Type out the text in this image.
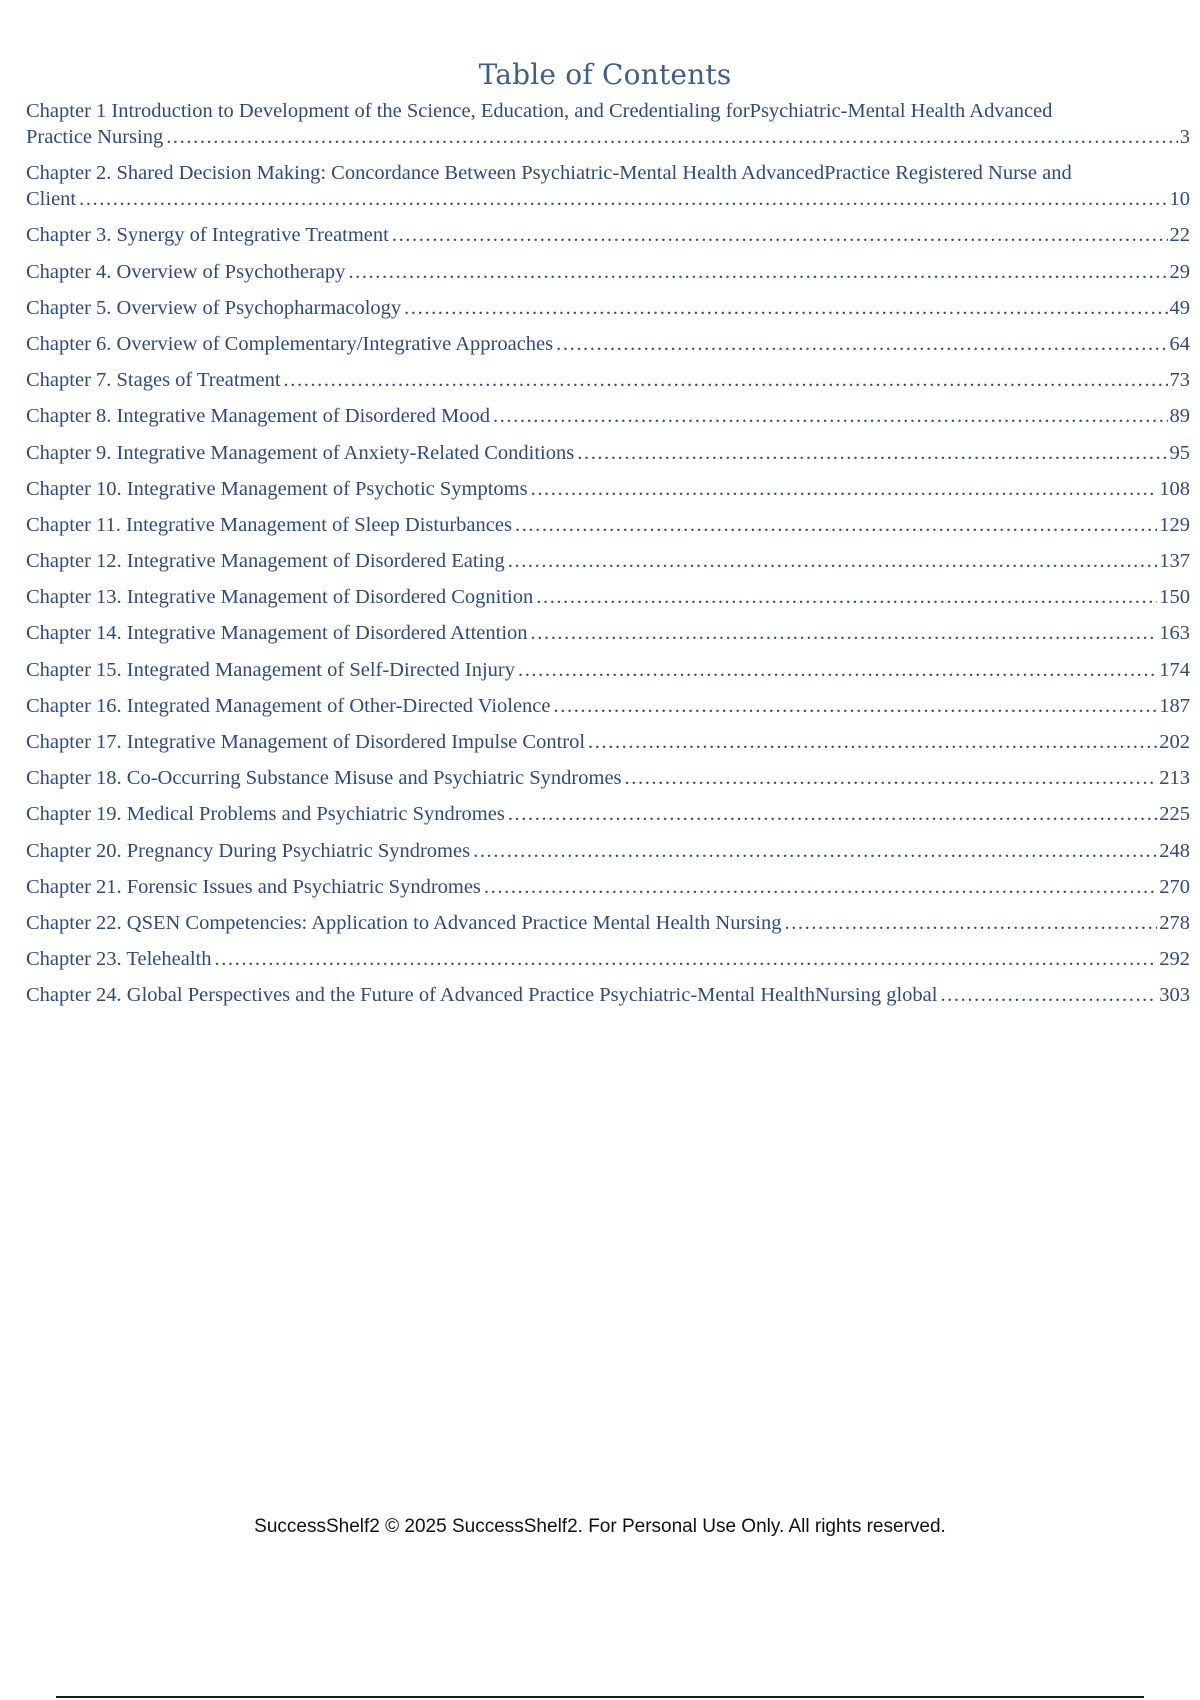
Table of Contents
Chapter 1 Introduction to Development of the Science, Education, and Credentialing forPsychiatric-Mental Health Advanced
Practice Nursing .....	3
Chapter 2. Shared Decision Making: Concordance Between Psychiatric-Mental Health AdvancedPractice Registered Nurse and
Client .....	10
Chapter 3. Synergy of Integrative Treatment .....	22
Chapter 4. Overview of Psychotherapy .....	29
Chapter 5. Overview of Psychopharmacology .....	49
Chapter 6. Overview of Complementary/Integrative Approaches .....	64
Chapter 7. Stages of Treatment .....	73
Chapter 8. Integrative Management of Disordered Mood .....	89
Chapter 9. Integrative Management of Anxiety-Related Conditions .....	95
Chapter 10. Integrative Management of Psychotic Symptoms .....	108
Chapter 11. Integrative Management of Sleep Disturbances .....	129
Chapter 12. Integrative Management of Disordered Eating .....	137
Chapter 13. Integrative Management of Disordered Cognition .....	150
Chapter 14. Integrative Management of Disordered Attention .....	163
Chapter 15. Integrated Management of Self-Directed Injury .....	174
Chapter 16. Integrated Management of Other-Directed Violence .....	187
Chapter 17. Integrative Management of Disordered Impulse Control .....	202
Chapter 18. Co-Occurring Substance Misuse and Psychiatric Syndromes .....	213
Chapter 19. Medical Problems and Psychiatric Syndromes .....	225
Chapter 20. Pregnancy During Psychiatric Syndromes .....	248
Chapter 21. Forensic Issues and Psychiatric Syndromes .....	270
Chapter 22. QSEN Competencies: Application to Advanced Practice Mental Health Nursing .....	278
Chapter 23. Telehealth .....	292
Chapter 24. Global Perspectives and the Future of Advanced Practice Psychiatric-Mental HealthNursing global .....	303

SuccessShelf2 © 2025 SuccessShelf2. For Personal Use Only. All rights reserved.
